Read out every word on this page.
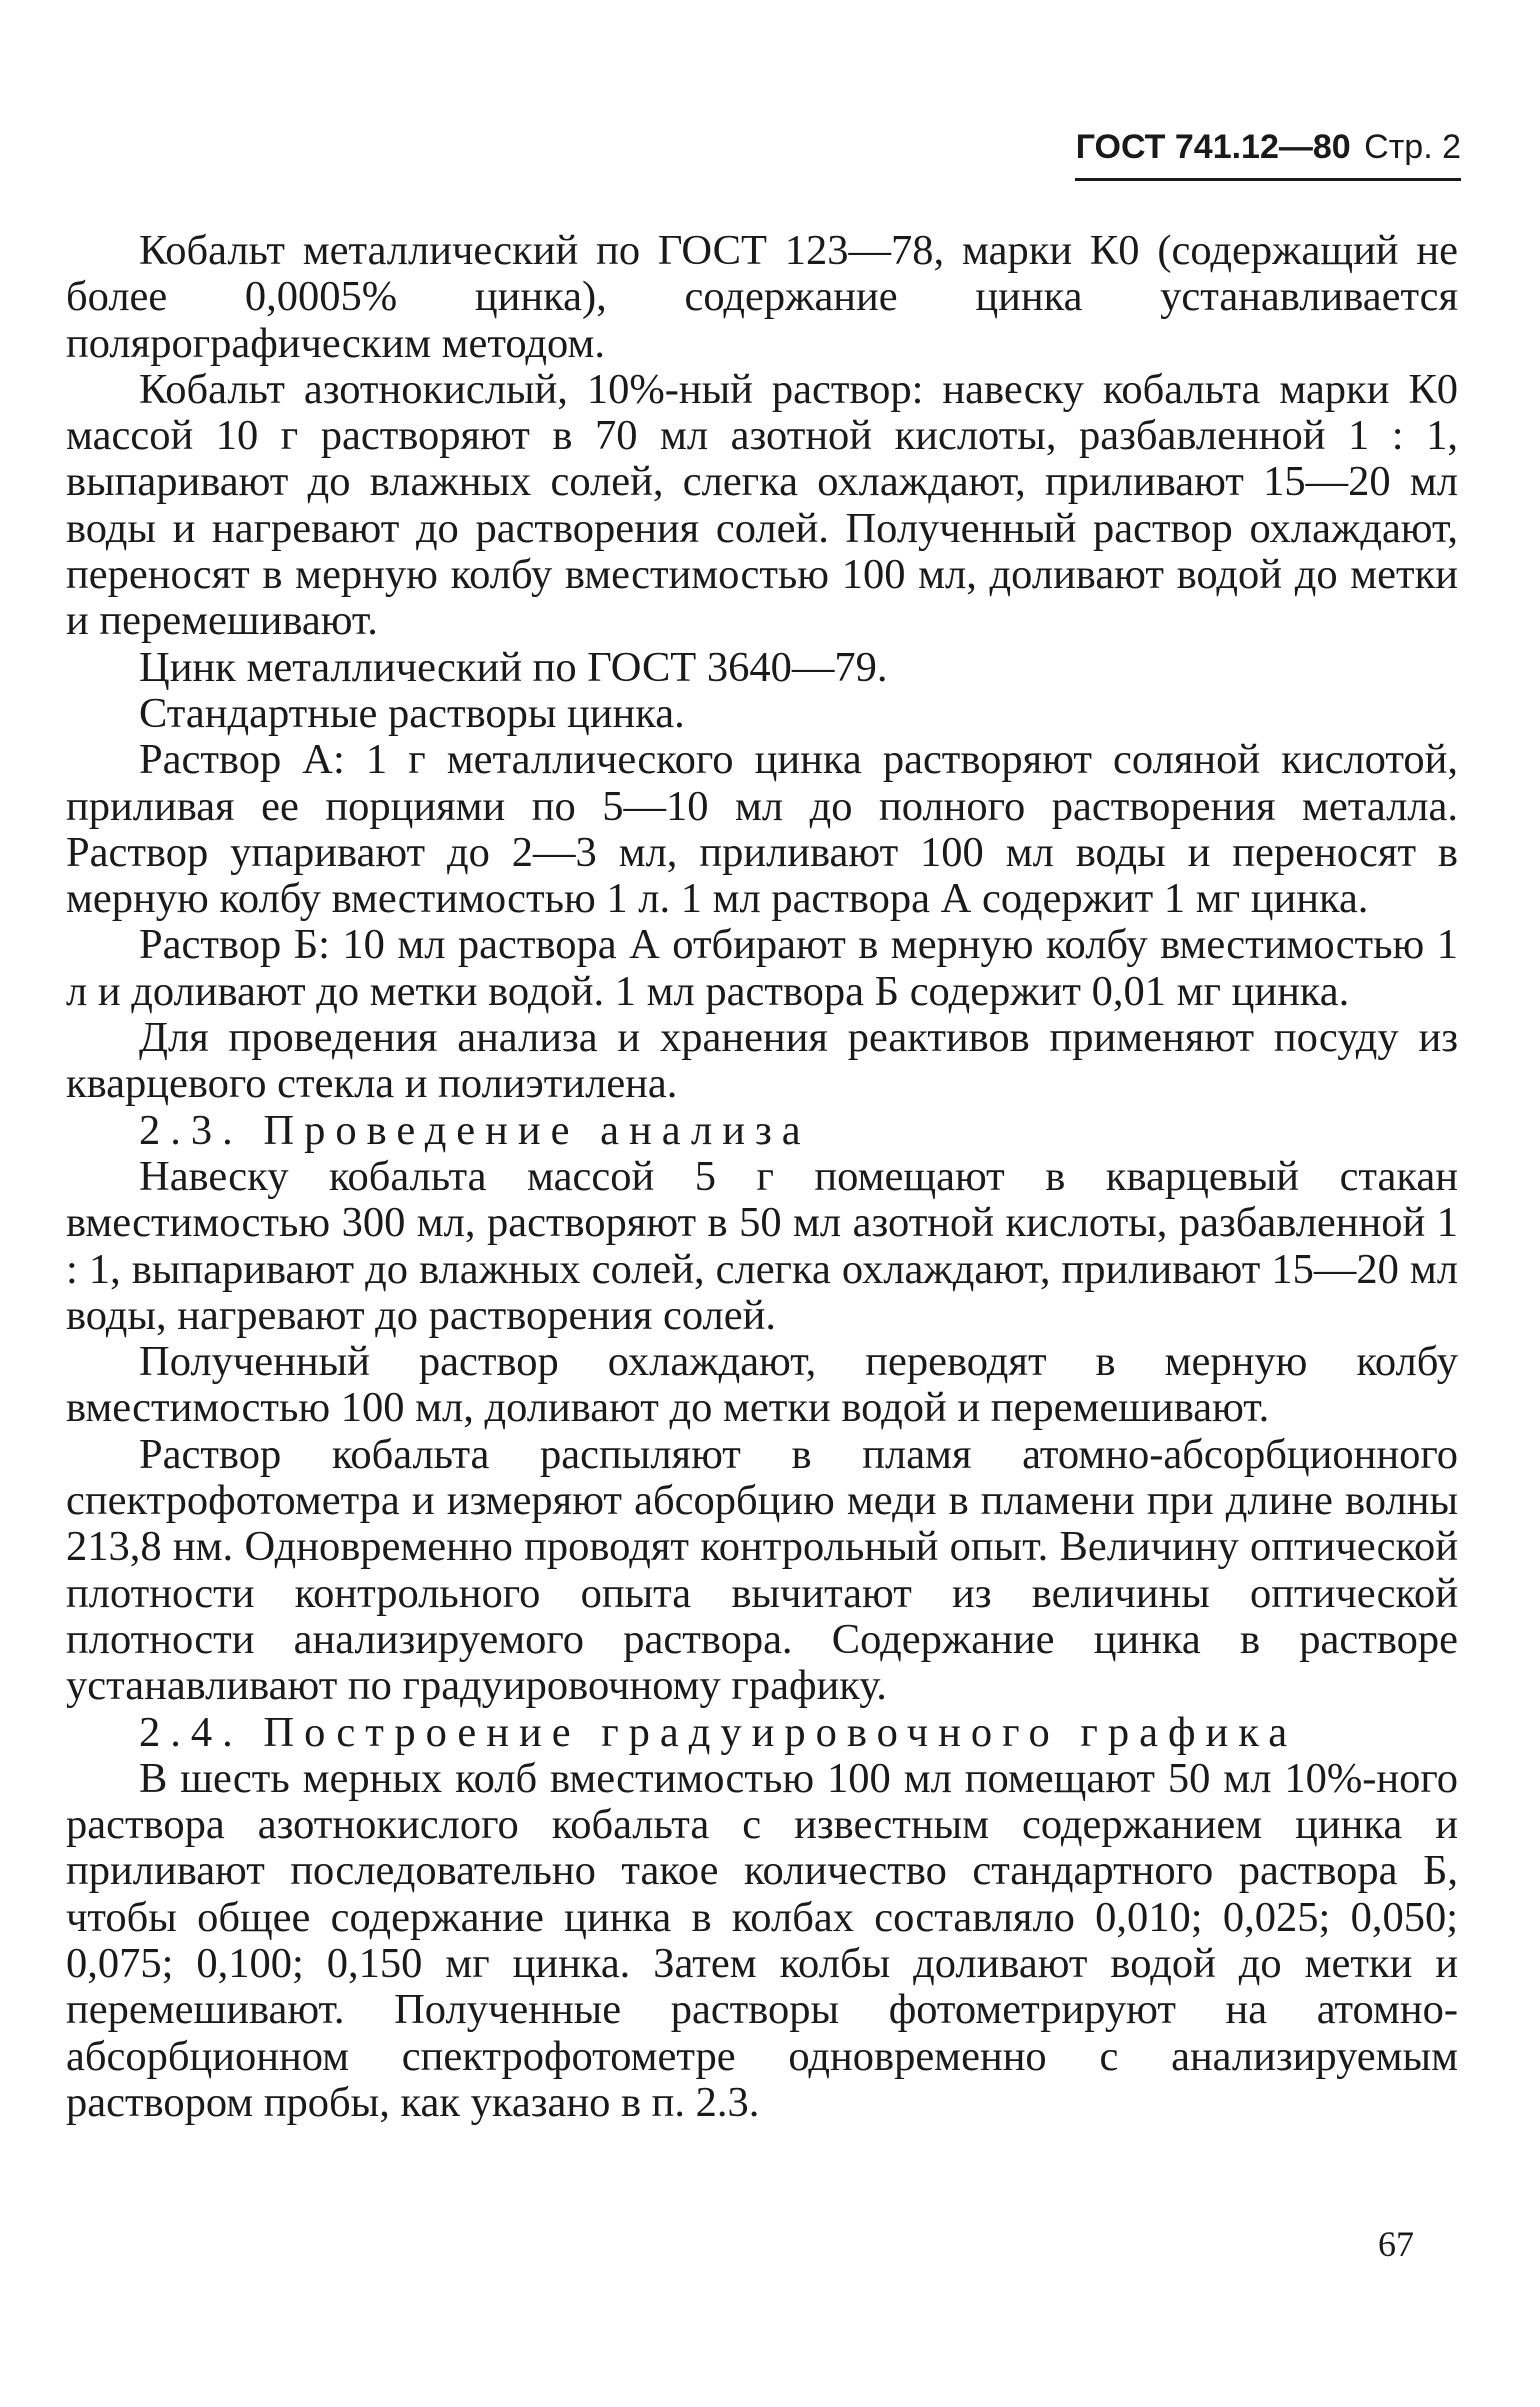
ГОСТ 741.12—80 Стр. 2

Кобальт металлический по ГОСТ 123—78, марки К0 (содержащий не более 0,0005% цинка), содержание цинка устанавливается полярографическим методом.

Кобальт азотнокислый, 10%-ный раствор: навеску кобальта марки К0 массой 10 г растворяют в 70 мл азотной кислоты, разбавленной 1 : 1, выпаривают до влажных солей, слегка охлаждают, приливают 15—20 мл воды и нагревают до растворения солей. Полученный раствор охлаждают, переносят в мерную колбу вместимостью 100 мл, доливают водой до метки и перемешивают.

Цинк металлический по ГОСТ 3640—79.

Стандартные растворы цинка.

Раствор А: 1 г металлического цинка растворяют соляной кислотой, приливая ее порциями по 5—10 мл до полного растворения металла. Раствор упаривают до 2—3 мл, приливают 100 мл воды и переносят в мерную колбу вместимостью 1 л. 1 мл раствора А содержит 1 мг цинка.

Раствор Б: 10 мл раствора А отбирают в мерную колбу вместимостью 1 л и доливают до метки водой. 1 мл раствора Б содержит 0,01 мг цинка.

Для проведения анализа и хранения реактивов применяют посуду из кварцевого стекла и полиэтилена.

2.3. Проведение анализа

Навеску кобальта массой 5 г помещают в кварцевый стакан вместимостью 300 мл, растворяют в 50 мл азотной кислоты, разбавленной 1 : 1, выпаривают до влажных солей, слегка охлаждают, приливают 15—20 мл воды, нагревают до растворения солей.

Полученный раствор охлаждают, переводят в мерную колбу вместимостью 100 мл, доливают до метки водой и перемешивают.

Раствор кобальта распыляют в пламя атомно-абсорбционного спектрофотометра и измеряют абсорбцию меди в пламени при длине волны 213,8 нм. Одновременно проводят контрольный опыт. Величину оптической плотности контрольного опыта вычитают из величины оптической плотности анализируемого раствора. Содержание цинка в растворе устанавливают по градуировочному графику.

2.4. Построение градуировочного графика

В шесть мерных колб вместимостью 100 мл помещают 50 мл 10%-ного раствора азотнокислого кобальта с известным содержанием цинка и приливают последовательно такое количество стандартного раствора Б, чтобы общее содержание цинка в колбах составляло 0,010; 0,025; 0,050; 0,075; 0,100; 0,150 мг цинка. Затем колбы доливают водой до метки и перемешивают. Полученные растворы фотометрируют на атомно-абсорбционном спектрофотометре одновременно с анализируемым раствором пробы, как указано в п. 2.3.

67
